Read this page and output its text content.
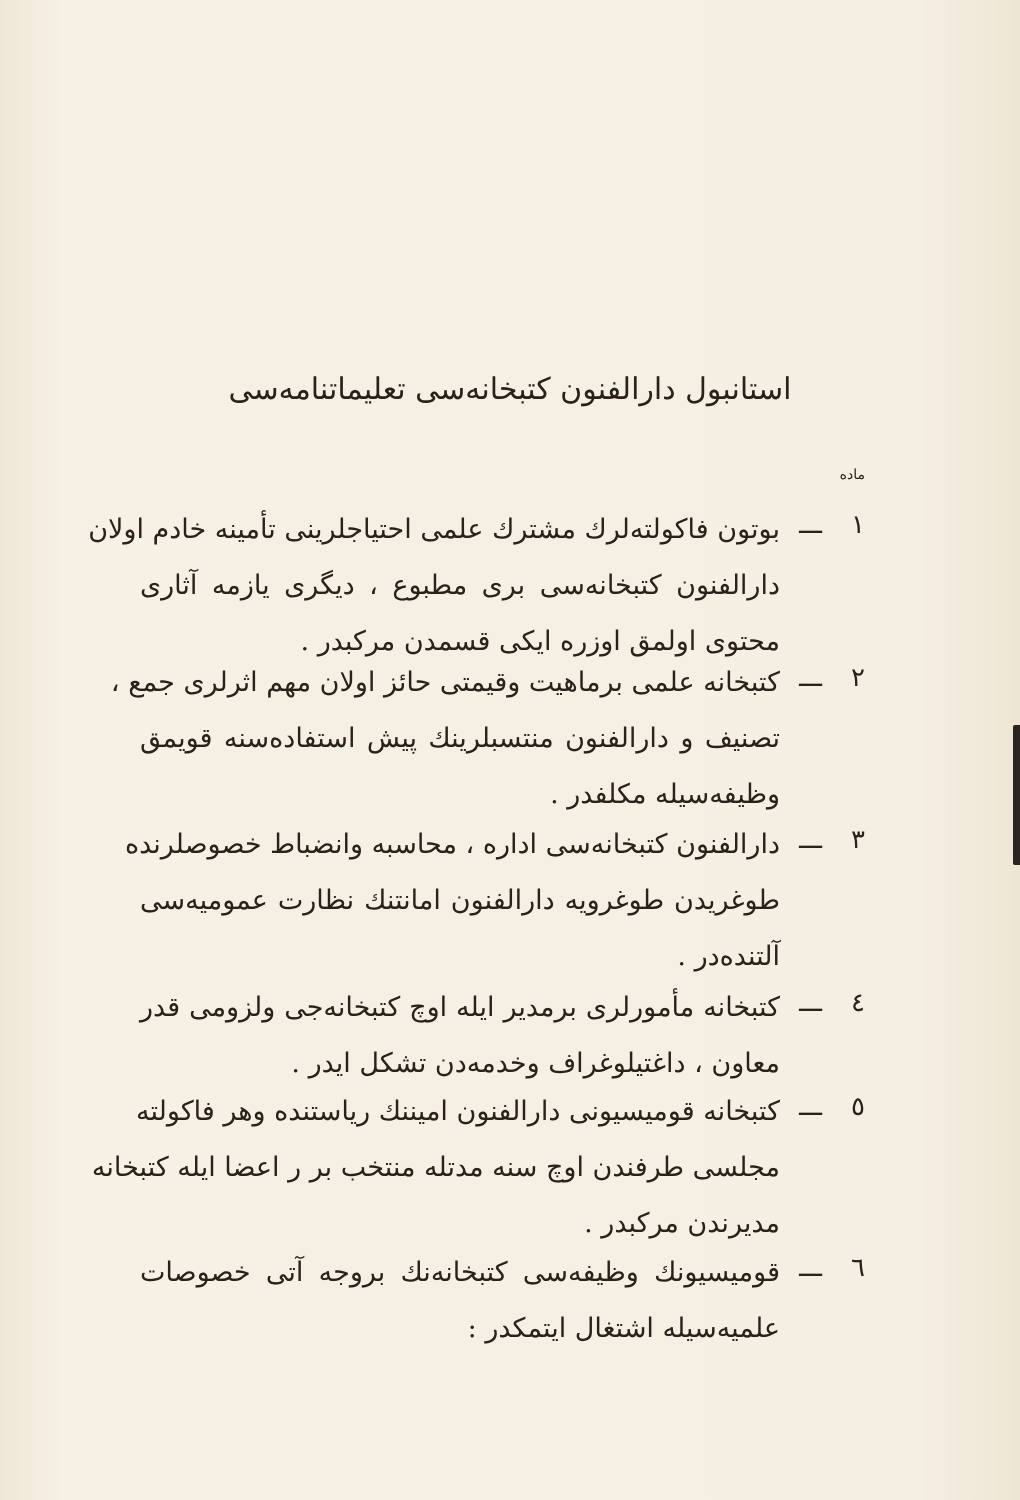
استانبول دارالفنون كتبخانه‌سی تعلیماتنامه‌سی
ماده
١
ـــ
بوتون فاكولته‌لرك مشترك علمی احتیاجلرینی تأمینه خادم اولان
دارالفنون كتبخانه‌سی بری مطبوع ، دیگری یازمه آثاری
محتوی اولمق اوزره ایكی قسمدن مركبدر .
٢
ـــ
كتبخانه علمی برماهیت وقیمتی حائز اولان مهم اثرلری جمع ،
تصنیف و دارالفنون منتسبلرینك پیش استفاده‌سنه قویمق
وظیفه‌سیله مكلفدر .
٣
ـــ
دارالفنون كتبخانه‌سی اداره ، محاسبه وانضباط خصوصلرنده
طوغریدن طوغرویه دارالفنون امانتنك نظارت عمومیه‌سی
آلتنده‌در .
٤
ـــ
كتبخانه مأمورلری برمدیر ایله اوچ كتبخانه‌جی ولزومی قدر
معاون ، داغتیلوغراف وخدمه‌دن تشكل ایدر .
٥
ـــ
كتبخانه قومیسیونی دارالفنون امیننك ریاستنده وهر فاكولته
مجلسی طرفندن اوچ سنه مدتله منتخب بر ر اعضا ایله كتبخانه
مدیرندن مركبدر .
٦
ـــ
قومیسیونك وظیفه‌سی كتبخانه‌نك بروجه آتی خصوصات
علمیه‌سیله اشتغال ایتمكدر :
